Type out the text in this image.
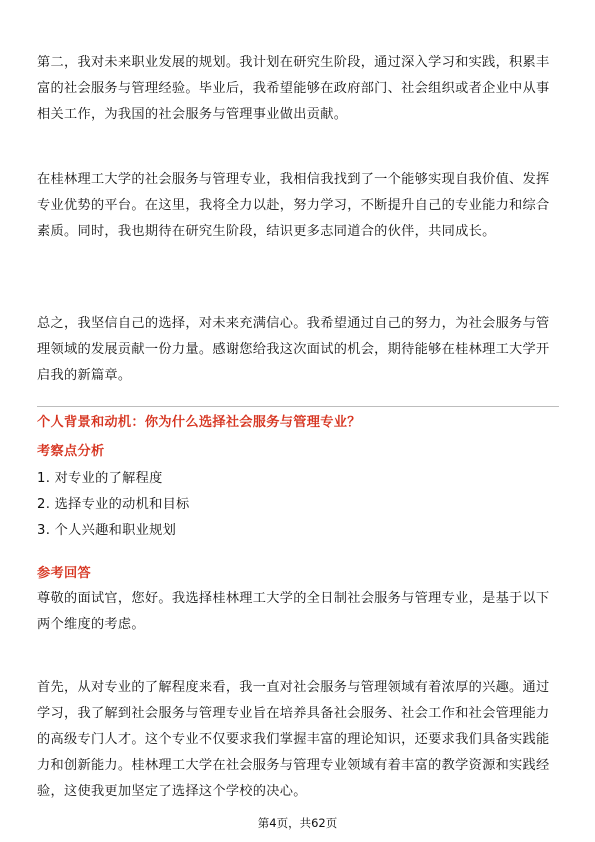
第二，我对未来职业发展的规划。我计划在研究生阶段，通过深入学习和实践，积累丰富的社会服务与管理经验。毕业后，我希望能够在政府部门、社会组织或者企业中从事相关工作，为我国的社会服务与管理事业做出贡献。

在桂林理工大学的社会服务与管理专业，我相信我找到了一个能够实现自我价值、发挥专业优势的平台。在这里，我将全力以赴，努力学习，不断提升自己的专业能力和综合素质。同时，我也期待在研究生阶段，结识更多志同道合的伙伴，共同成长。

总之，我坚信自己的选择，对未来充满信心。我希望通过自己的努力，为社会服务与管理领域的发展贡献一份力量。感谢您给我这次面试的机会，期待能够在桂林理工大学开启我的新篇章。

个人背景和动机：你为什么选择社会服务与管理专业？

考察点分析

1. 对专业的了解程度
2. 选择专业的动机和目标
3. 个人兴趣和职业规划

参考回答

尊敬的面试官，您好。我选择桂林理工大学的全日制社会服务与管理专业，是基于以下两个维度的考虑。

首先，从对专业的了解程度来看，我一直对社会服务与管理领域有着浓厚的兴趣。通过学习，我了解到社会服务与管理专业旨在培养具备社会服务、社会工作和社会管理能力的高级专门人才。这个专业不仅要求我们掌握丰富的理论知识，还要求我们具备实践能力和创新能力。桂林理工大学在社会服务与管理专业领域有着丰富的教学资源和实践经验，这使我更加坚定了选择这个学校的决心。

第4页，共62页
